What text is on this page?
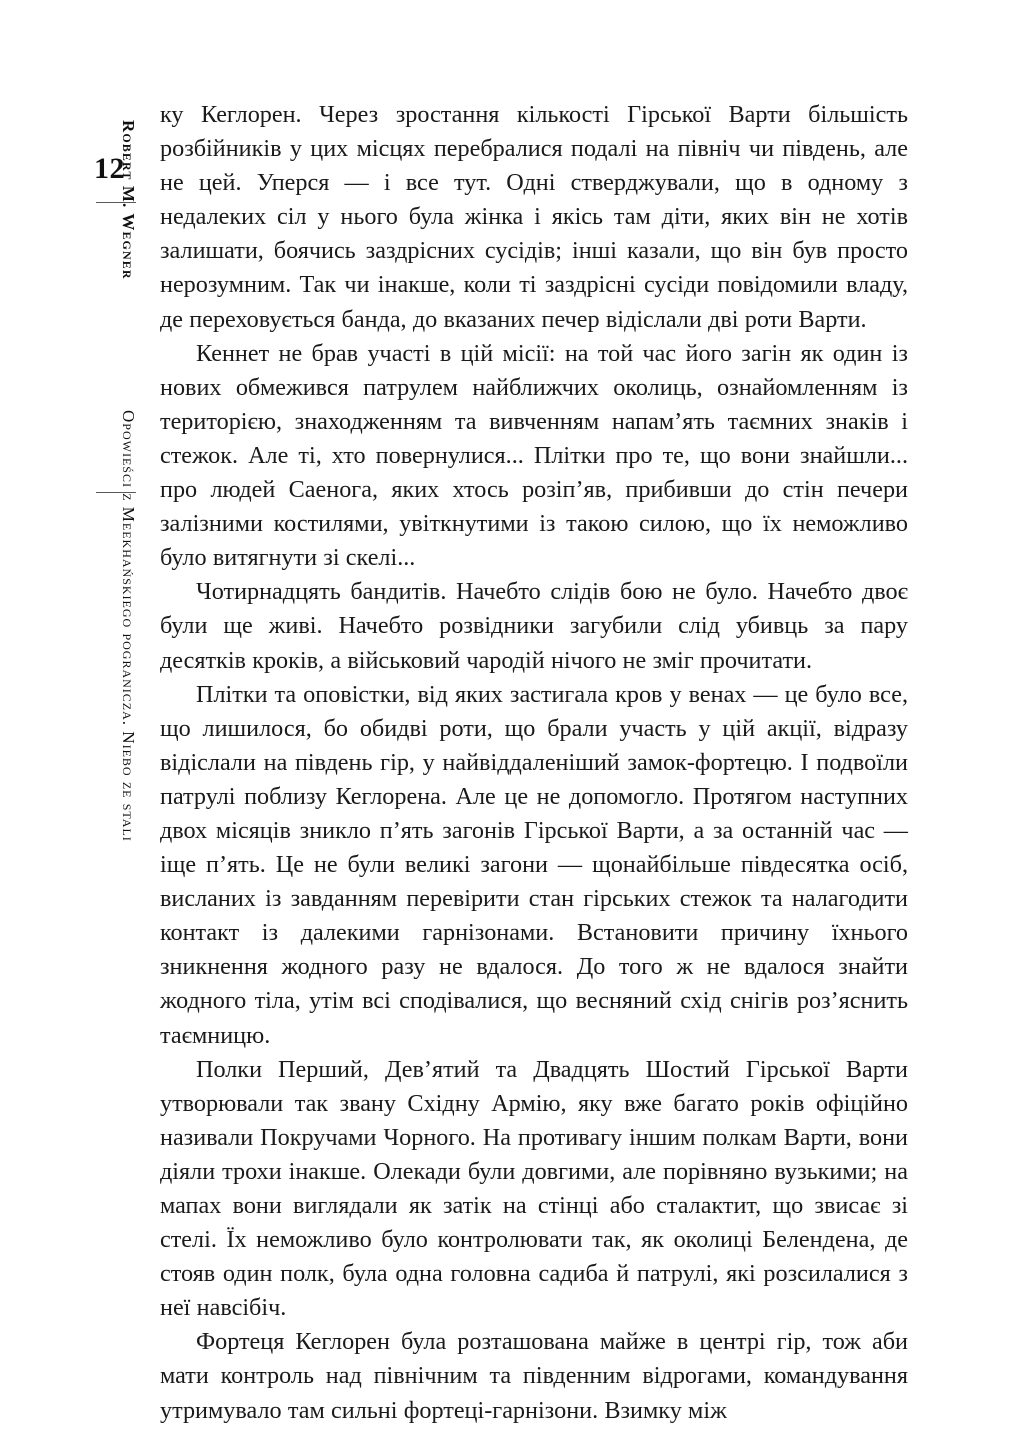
12
Robert M. Wegner
Opowieści z Meekhańskiego pogranicza. Niebo ze stali

ку Кеглорен. Через зростання кількості Гірської Варти більшість розбійників у цих місцях перебралися подалі на північ чи південь, але не цей. Уперся — і все тут. Одні стверджували, що в одному з недалеких сіл у нього була жінка і якісь там діти, яких він не хотів залишати, боячись заздрісних сусідів; інші казали, що він був просто нерозумним. Так чи інакше, коли ті заздрісні сусіди повідомили владу, де переховується банда, до вказаних печер відіслали дві роти Варти.

Кеннет не брав участі в цій місії: на той час його загін як один із нових обмежився патрулем найближчих околиць, ознайомленням із територією, знаходженням та вивченням напам’ять таємних знаків і стежок. Але ті, хто повернулися... Плітки про те, що вони знайшли... про людей Саенога, яких хтось розіп’яв, прибивши до стін печери залізними костилями, увіткнутими із такою силою, що їх неможливо було витягнути зі скелі...

Чотирнадцять бандитів. Начебто слідів бою не було. Начебто двоє були ще живі. Начебто розвідники загубили слід убивць за пару десятків кроків, а військовий чародій нічого не зміг прочитати.

Плітки та оповістки, від яких застигала кров у венах — це було все, що лишилося, бо обидві роти, що брали участь у цій акції, відразу відіслали на південь гір, у найвіддаленіший замок-фортецю. І подвоїли патрулі поблизу Кеглорена. Але це не допомогло. Протягом наступних двох місяців зникло п’ять загонів Гірської Варти, а за останній час — іще п’ять. Це не були великі загони — щонайбільше півдесятка осіб, висланих із завданням перевірити стан гірських стежок та налагодити контакт із далекими гарнізонами. Встановити причину їхнього зникнення жодного разу не вдалося. До того ж не вдалося знайти жодного тіла, утім всі сподівалися, що весняний схід снігів роз’яснить таємницю.

Полки Перший, Дев’ятий та Двадцять Шостий Гірської Варти утворювали так звану Східну Армію, яку вже багато років офіційно називали Покручами Чорного. На противагу іншим полкам Варти, вони діяли трохи інакше. Олекади були довгими, але порівняно вузькими; на мапах вони виглядали як затік на стінці або сталактит, що звисає зі стелі. Їх неможливо було контролювати так, як околиці Белендена, де стояв один полк, була одна головна садиба й патрулі, які розсилалися з неї навсібіч.

Фортеця Кеглорен була розташована майже в центрі гір, тож аби мати контроль над північним та південним відрогами, командування утримувало там сильні фортеці-гарнізони. Взимку між
